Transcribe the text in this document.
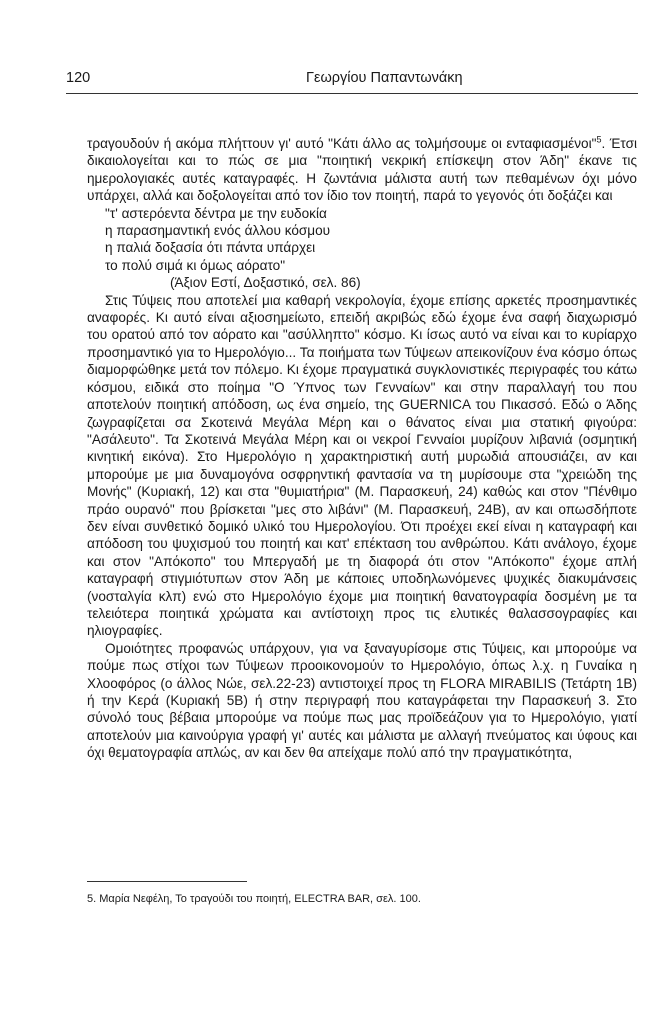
120	Γεωργίου Παπαντωνάκη

τραγουδούν ή ακόμα πλήττουν γι' αυτό "Κάτι άλλο ας τολμήσουμε οι ενταφιασμένοι"$^5$. Έτσι δικαιολογείται και το πώς σε μια "ποιητική νεκρική επίσκεψη στον Άδη" έκανε τις ημερολογιακές αυτές καταγραφές. Η ζωντάνια μάλιστα αυτή των πεθαμένων όχι μόνο υπάρχει, αλλά και δοξολογείται από τον ίδιο τον ποιητή, παρά το γεγονός ότι δοξάζει και

"τ' αστερόεντα δέντρα με την ευδοκία
η παρασημαντική ενός άλλου κόσμου
η παλιά δοξασία ότι πάντα υπάρχει
το πολύ σιμά κι όμως αόρατο"
(Άξιον Εστί, Δοξαστικό, σελ. 86)

Στις Τύψεις που αποτελεί μια καθαρή νεκρολογία, έχομε επίσης αρκετές προσημαντικές αναφορές. Κι αυτό είναι αξιοσημείωτο, επειδή ακριβώς εδώ έχομε ένα σαφή διαχωρισμό του ορατού από τον αόρατο και "ασύλληπτο" κόσμο. Κι ίσως αυτό να είναι και το κυρίαρχο προσημαντικό για το Ημερολόγιο... Τα ποιήματα των Τύψεων απεικονίζουν ένα κόσμο όπως διαμορφώθηκε μετά τον πόλεμο. Κι έχομε πραγματικά συγκλονιστικές περιγραφές του κάτω κόσμου, ειδικά στο ποίημα "Ο Ύπνος των Γενναίων" και στην παραλλαγή του που αποτελούν ποιητική απόδοση, ως ένα σημείο, της GUERNICA του Πικασσό. Εδώ ο Άδης ζωγραφίζεται σα Σκοτεινά Μεγάλα Μέρη και ο θάνατος είναι μια στατική φιγούρα: "Ασάλευτο". Τα Σκοτεινά Μεγάλα Μέρη και οι νεκροί Γενναίοι μυρίζουν λιβανιά (οσμητική κινητική εικόνα). Στο Ημερολόγιο η χαρακτηριστική αυτή μυρωδιά απουσιάζει, αν και μπορούμε με μια δυναμογόνα οσφρηντική φαντασία να τη μυρίσουμε στα "χρειώδη της Μονής" (Κυριακή, 12) και στα "θυμιατήρια" (Μ. Παρασκευή, 24) καθώς και στον "Πένθιμο πράο ουρανό" που βρίσκεται "μες στο λιβάνι" (Μ. Παρασκευή, 24Β), αν και οπωσδήποτε δεν είναι συνθετικό δομικό υλικό του Ημερολογίου. Ότι προέχει εκεί είναι η καταγραφή και απόδοση του ψυχισμού του ποιητή και κατ' επέκταση του ανθρώπου. Κάτι ανάλογο, έχομε και στον "Απόκοπο" του Μπεργαδή με τη διαφορά ότι στον "Απόκοπο" έχομε απλή καταγραφή στιγμιότυπων στον Άδη με κάποιες υποδηλωνόμενες ψυχικές διακυμάνσεις (νοσταλγία κλπ) ενώ στο Ημερολόγιο έχομε μια ποιητική θανατογραφία δοσμένη με τα τελειότερα ποιητικά χρώματα και αντίστοιχη προς τις ελυτικές θαλασσογραφίες και ηλιογραφίες.

Ομοιότητες προφανώς υπάρχουν, για να ξαναγυρίσομε στις Τύψεις, και μπορούμε να πούμε πως στίχοι των Τύψεων προοικονομούν το Ημερολόγιο, όπως λ.χ. η Γυναίκα η Χλοοφόρος (ο άλλος Νώε, σελ.22-23) αντιστοιχεί προς τη FLORA MIRABILIS (Τετάρτη 1Β) ή την Κερά (Κυριακή 5Β) ή στην περιγραφή που καταγράφεται την Παρασκευή 3. Στο σύνολό τους βέβαια μπορούμε να πούμε πως μας προϊδεάζουν για το Ημερολόγιο, γιατί αποτελούν μια καινούργια γραφή γι' αυτές και μάλιστα με αλλαγή πνεύματος και ύφους και όχι θεματογραφία απλώς, αν και δεν θα απείχαμε πολύ από την πραγματικότητα,

5. Μαρία Νεφέλη, Το τραγούδι του ποιητή, ELECTRA BAR, σελ. 100.
